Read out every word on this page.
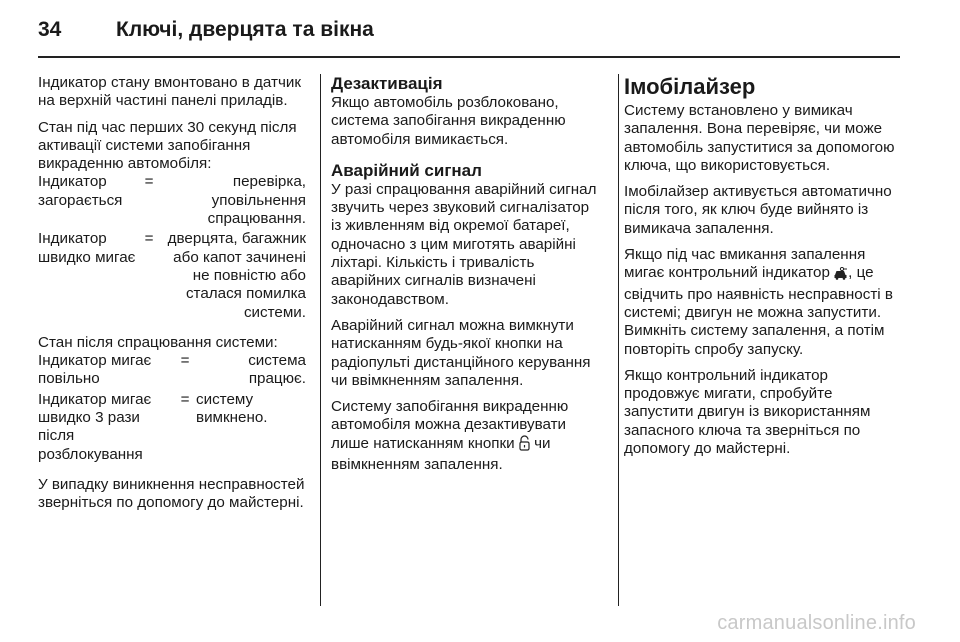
34	Ключі, дверцята та вікна

Індикатор стану вмонтовано в датчик на верхній частині панелі приладів.

Стан під час перших 30 секунд після активації системи запобігання викраденню автомобіля:

Індикатор загорається	=	перевірка, уповільнення спрацювання.
Індикатор швидко мигає	=	дверцята, багажник або капот зачинені не повністю або сталася помилка системи.

Стан після спрацювання системи:

Індикатор мигає повільно	=	система працює.
Індикатор мигає швидко 3 рази після розблокування	=	систему вимкнено.

У випадку виникнення несправностей зверніться по допомогу до майстерні.

Дезактивація

Якщо автомобіль розблоковано, система запобігання викраденню автомобіля вимикається.

Аварійний сигнал

У разі спрацювання аварійний сигнал звучить через звуковий сигналізатор із живленням від окремої батареї, одночасно з цим миготять аварійні ліхтарі. Кількість і тривалість аварійних сигналів визначені законодавством.

Аварійний сигнал можна вимкнути натисканням будь-якої кнопки на радіопульті дистанційного керування чи ввімкненням запалення.

Систему запобігання викраденню автомобіля можна дезактивувати лише натисканням кнопки чи ввімкненням запалення.

Імобілайзер

Систему встановлено у вимикач запалення. Вона перевіряє, чи може автомобіль запуститися за допомогою ключа, що використовується.

Імобілайзер активується автоматично після того, як ключ буде вийнято із вимикача запалення.

Якщо під час вмикання запалення мигає контрольний індикатор , це свідчить про наявність несправності в системі; двигун не можна запустити. Вимкніть систему запалення, а потім повторіть спробу запуску.

Якщо контрольний індикатор продовжує мигати, спробуйте запустити двигун із використанням запасного ключа та зверніться по допомогу до майстерні.

carmanualsonline.info
